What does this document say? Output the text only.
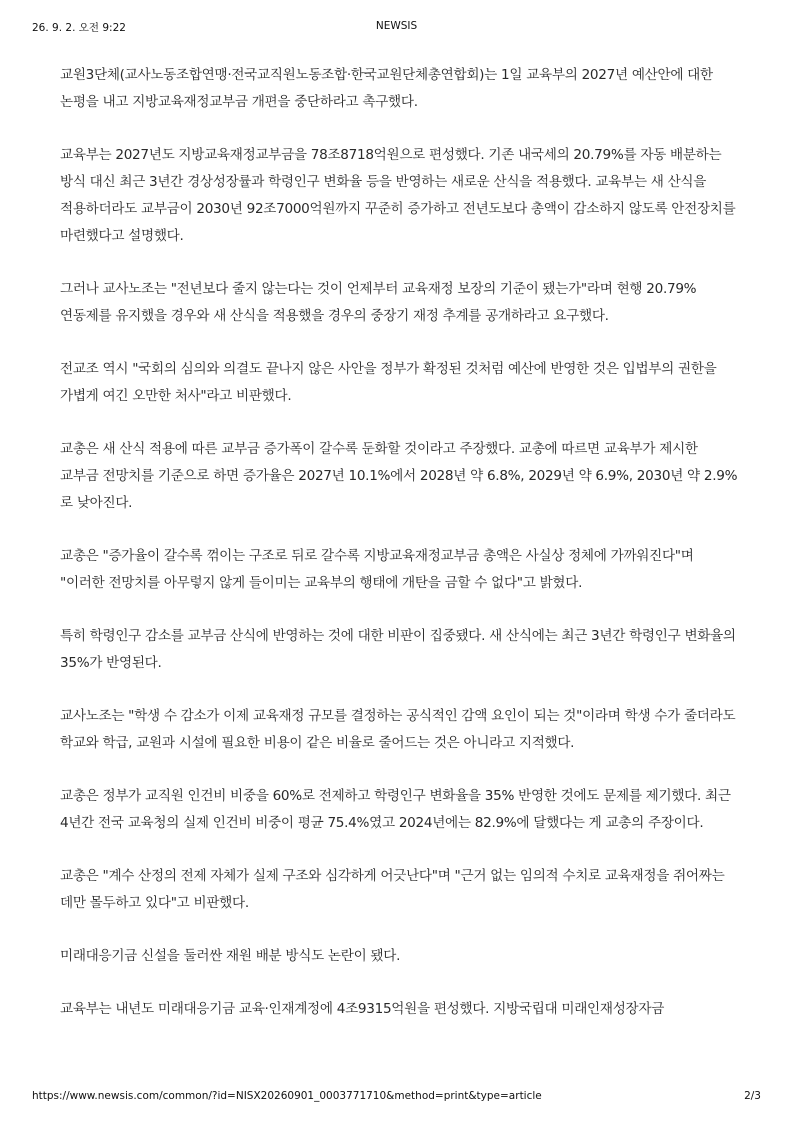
26. 9. 2. 오전 9:22	NEWSIS

교원3단체(교사노동조합연맹·전국교직원노동조합·한국교원단체총연합회)는 1일 교육부의 2027년 예산안에 대한 논평을 내고 지방교육재정교부금 개편을 중단하라고 촉구했다.

교육부는 2027년도 지방교육재정교부금을 78조8718억원으로 편성했다. 기존 내국세의 20.79%를 자동 배분하는 방식 대신 최근 3년간 경상성장률과 학령인구 변화율 등을 반영하는 새로운 산식을 적용했다. 교육부는 새 산식을 적용하더라도 교부금이 2030년 92조7000억원까지 꾸준히 증가하고 전년도보다 총액이 감소하지 않도록 안전장치를 마련했다고 설명했다.

그러나 교사노조는 "전년보다 줄지 않는다는 것이 언제부터 교육재정 보장의 기준이 됐는가"라며 현행 20.79% 연동제를 유지했을 경우와 새 산식을 적용했을 경우의 중장기 재정 추계를 공개하라고 요구했다.

전교조 역시 "국회의 심의와 의결도 끝나지 않은 사안을 정부가 확정된 것처럼 예산에 반영한 것은 입법부의 권한을 가볍게 여긴 오만한 처사"라고 비판했다.

교총은 새 산식 적용에 따른 교부금 증가폭이 갈수록 둔화할 것이라고 주장했다. 교총에 따르면 교육부가 제시한 교부금 전망치를 기준으로 하면 증가율은 2027년 10.1%에서 2028년 약 6.8%, 2029년 약 6.9%, 2030년 약 2.9%로 낮아진다.

교총은 "증가율이 갈수록 꺾이는 구조로 뒤로 갈수록 지방교육재정교부금 총액은 사실상 정체에 가까워진다"며 "이러한 전망치를 아무렇지 않게 들이미는 교육부의 행태에 개탄을 금할 수 없다"고 밝혔다.

특히 학령인구 감소를 교부금 산식에 반영하는 것에 대한 비판이 집중됐다. 새 산식에는 최근 3년간 학령인구 변화율의 35%가 반영된다.

교사노조는 "학생 수 감소가 이제 교육재정 규모를 결정하는 공식적인 감액 요인이 되는 것"이라며 학생 수가 줄더라도 학교와 학급, 교원과 시설에 필요한 비용이 같은 비율로 줄어드는 것은 아니라고 지적했다.

교총은 정부가 교직원 인건비 비중을 60%로 전제하고 학령인구 변화율을 35% 반영한 것에도 문제를 제기했다. 최근 4년간 전국 교육청의 실제 인건비 비중이 평균 75.4%였고 2024년에는 82.9%에 달했다는 게 교총의 주장이다.

교총은 "계수 산정의 전제 자체가 실제 구조와 심각하게 어긋난다"며 "근거 없는 임의적 수치로 교육재정을 쥐어짜는 데만 몰두하고 있다"고 비판했다.

미래대응기금 신설을 둘러싼 재원 배분 방식도 논란이 됐다.

교육부는 내년도 미래대응기금 교육·인재계정에 4조9315억원을 편성했다. 지방국립대 미래인재성장자금

https://www.newsis.com/common/?id=NISX20260901_0003771710&method=print&type=article	2/3
